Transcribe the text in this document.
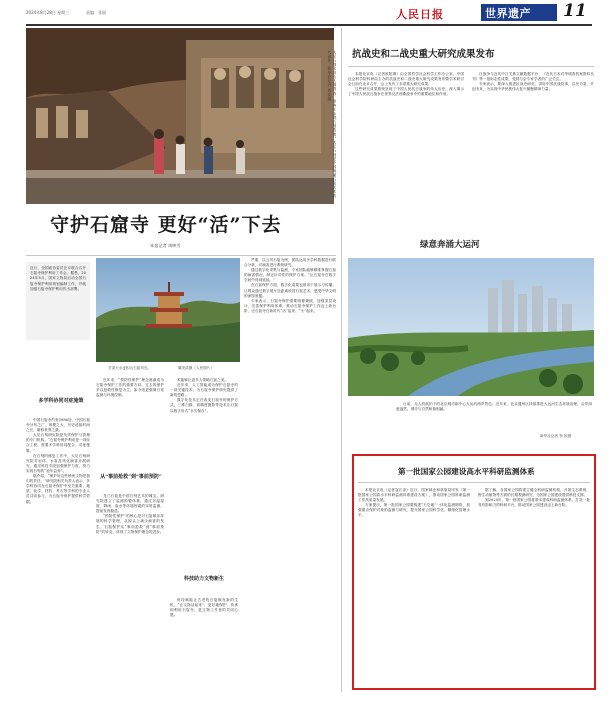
2024年8月28日 星期三	责编：张丽	人民日报	世界遗产 11
大足石刻宝顶山大佛湾内，游客在参观石刻造像。大足石刻是中国晚期石窟艺术的代表作。新华社记者 唐奕摄
守护石窟寺 更好“活”下去
本报记者 周映雪
近日，全国政协委员在京联合召开石窟寺保护利用工作会。据悉，2024年5月，国家文物局启动全国石窟寺保护利用规划编制工作，并就加强石窟寺保护利用作出部署。
甘肃天水麦积山石窟风光。	冀发清摄（人民图片）
多学科协同对症施策

中国石窟寺约有5986处，中国石窟寺分布之广、规模之大、历史延续时间之长，堪称世界之最。

大足石刻研究院是负责保护与管理的专门机构。“石窟寺保护利用是一项综合工程，需要多学科协同配合、对症施策。”

在石刻的修复工作中，大足石刻研究院对岩体、水害及风化病害开展研究，通过科技手段加强保护力度，努力实现石刻的“延年益寿”。

据介绍，“保护好这些珍贵文物是我们的责任。”研究院相关负责人表示，多学科协同在石窟寺保护中至关重要，地质、化学、材料、考古等学科的专业人员共同参与，为石窟寺保护提供科学依据。

近年来，“预防性保护”理念逐渐成为石窟寺保护工作的重要方向。过去的保护多以抢救性修复为主，如今则更强调日常监测与环境控制。

从“事前抢救”到“事前预防”

龙门石窟是中国石刻艺术的瑰宝。研究院建立了监测预警体系，通过对温湿度、降雨、渗水等环境因素的实时监测，提前发现隐患。

“预防性保护”的核心是对石窟赋存环境的科学管理，从源头上减少病害的发生。石窟保护从“事前抢救”到“事前预防”的转变，体现了文物保护理念的进步。

术能够让更多人领略石窟之美。

近年来，人工智能成为保护石窟寺的一项关键技术，为石窟寺保护研究提供了新的思路。

数字化技术正在改变石窟寺的保护方式。三维扫描、高精度摄影等技术让石窟以数字形式“永久保存”。

科技助力文物新生

科技赋能让古老的石窟焕发新的生机。“让文物活起来”，更好地保护、传承和利用石窟寺，是文物工作者的共同心愿。

严重，以云冈石窟为例，团队运用多学科数据进行联合分析，对病害进行系统研究。

通过数字化采集与监测，专家团队能够精准掌握石窟的病害情况，制定针对性的保护方案。“让石窟寺在数字空间中得到延续。”

在石窟保护方面，数字化成果也被用于展示与传播，让观众通过数字展厅近距离欣赏石窟艺术，感受中华文明的深厚底蕴。

专家表示，石窟寺保护需要统筹兼顾，加强顶层设计，完善保护利用体系，推动石窟寺保护工作迈上新台阶，让石窟寺在新时代“活”起来、“火”起来。

抗战史和二战史重大研究成果发布

本报北京电（记者欧阳珊）由全国哲学社会科学工作办公室、中国社会科学院科研局主办的抗战史和二战史重大研究成果发布暨学术研讨会日前在北京召开，会上发布了多项重大研究成果。

这些研究成果系统呈现了中国人民抗日战争的伟大历史，深入揭示了中国人民抗日战争在世界反法西斯战争中的重要地位和作用。

日战争与近代中日关系文献数据平台、《近代日本对华调查档案资料丛刊》等一批标志性成果，受到与会专家学者的广泛关注。

专家表示，要深入推进抗战史研究，讲好中国抗战故事，以史为鉴、开创未来，为实现中华民族伟大复兴凝聚精神力量。

绿意奔涌大运河

日前，无人机航拍下的北京城市副中心大运河两岸景色。近年来，北京通州区持续推进大运河生态环境治理，沿岸绿意盎然，城市与自然和谐相融。

新华社记者 李 欣摄
第一批国家公园建设高水平科研监测体系

本报北京电（记者寇江泽）近日，国家林业和草原局印发《第一批国家公园高水平科研监测体系建设方案》，推动国家公园科研监测工作高质量发展。

方案提出，第一批国家公园要构建“天空地”一体化监测网络，加强重点保护对象的监测与研究，提升国家公园科学化、精细化管理水平。

据了解，各国家公园将建立健全科研监测机构，开展生态系统、野生动植物等方面的长期观测研究，为国家公园建设提供科技支撑。

到2025年，第一批国家公园将基本建成科研监测体系，打造一批具有影响力的科研平台，推动国家公园建设迈上新台阶。
